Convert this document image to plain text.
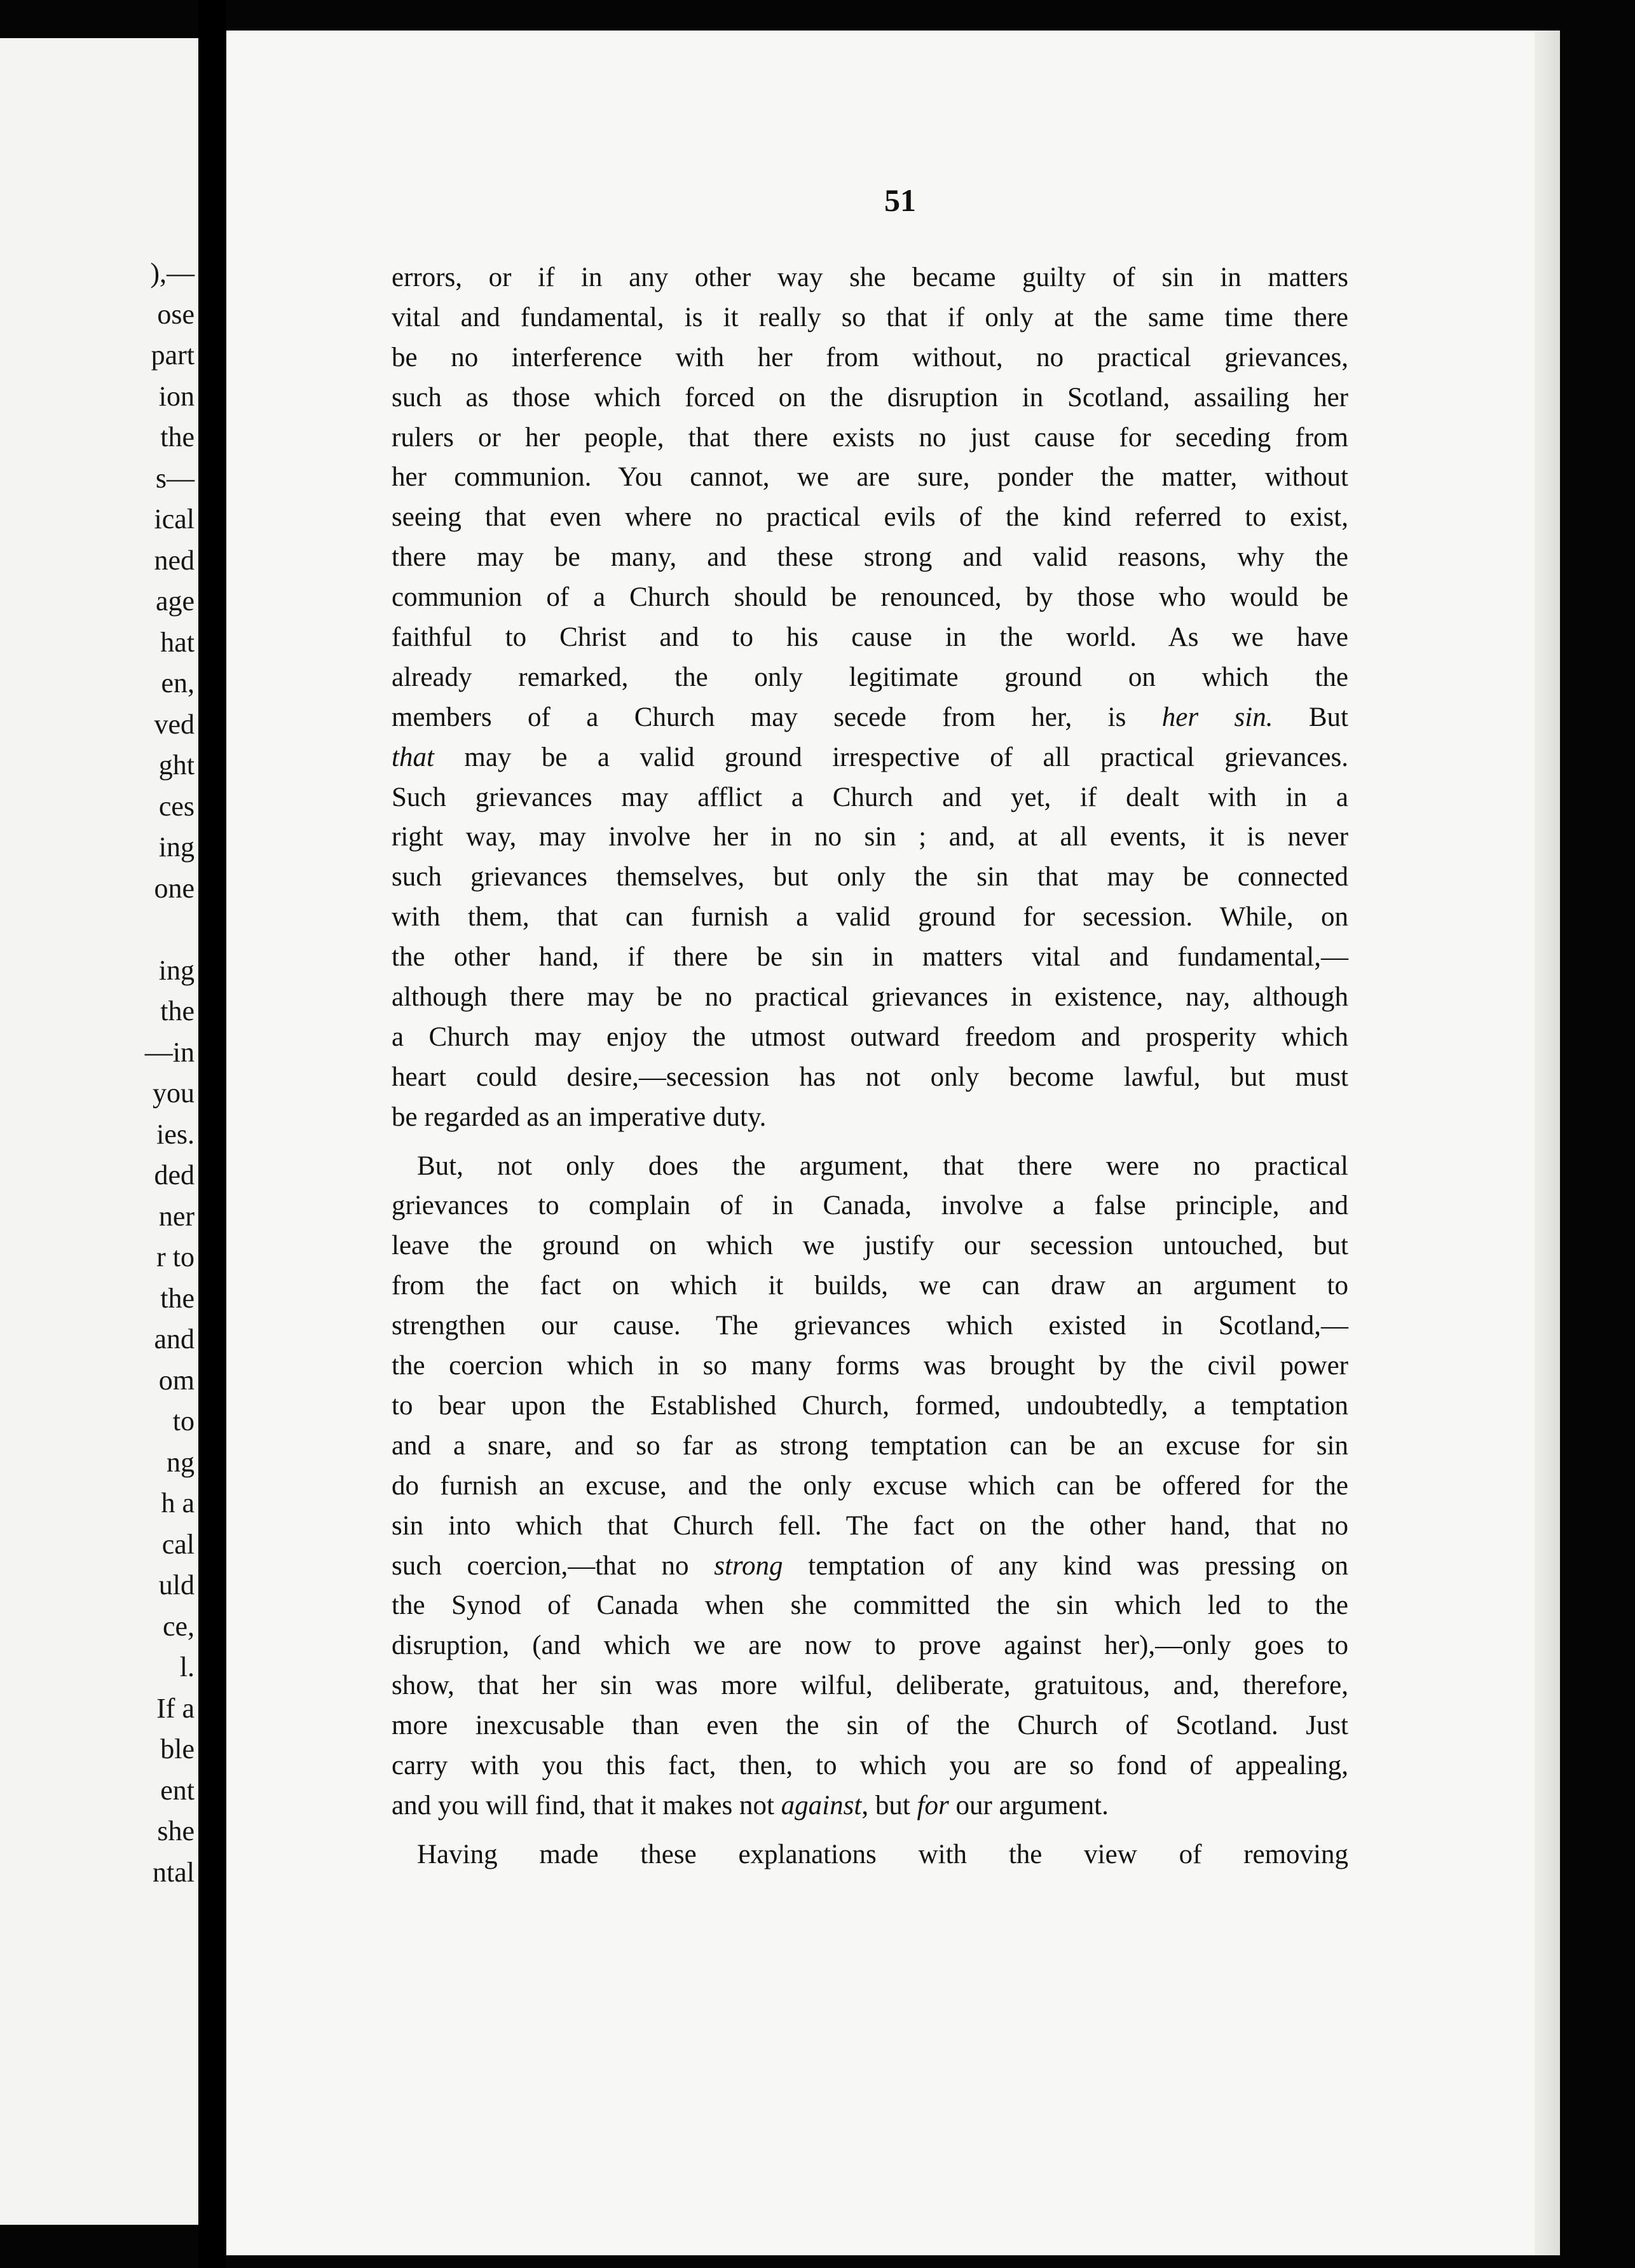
),—
ose
part
ion
the
s—
ical
ned
age
hat
en,
ved
ght
ces
ing
one
ing
the
—in
you
ies.
ded
ner
r to
the
and
om
to
ng
h a
cal
uld
ce,
l.
If a
ble
ent
she
ntal

51

errors, or if in any other way she became guilty of sin in matters
vital and fundamental, is it really so that if only at the same time there
be no interference with her from without, no practical grievances,
such as those which forced on the disruption in Scotland, assailing her
rulers or her people, that there exists no just cause for seceding from
her communion. You cannot, we are sure, ponder the matter, without
seeing that even where no practical evils of the kind referred to exist,
there may be many, and these strong and valid reasons, why the
communion of a Church should be renounced, by those who would be
faithful to Christ and to his cause in the world. As we have
already remarked, the only legitimate ground on which the
members of a Church may secede from her, is her sin. But
that may be a valid ground irrespective of all practical grievances.
Such grievances may afflict a Church and yet, if dealt with in a
right way, may involve her in no sin ; and, at all events, it is never
such grievances themselves, but only the sin that may be connected
with them, that can furnish a valid ground for secession. While, on
the other hand, if there be sin in matters vital and fundamental,—
although there may be no practical grievances in existence, nay, although
a Church may enjoy the utmost outward freedom and prosperity which
heart could desire,—secession has not only become lawful, but must
be regarded as an imperative duty.
But, not only does the argument, that there were no practical
grievances to complain of in Canada, involve a false principle, and
leave the ground on which we justify our secession untouched, but
from the fact on which it builds, we can draw an argument to
strengthen our cause. The grievances which existed in Scotland,—
the coercion which in so many forms was brought by the civil power
to bear upon the Established Church, formed, undoubtedly, a temptation
and a snare, and so far as strong temptation can be an excuse for sin
do furnish an excuse, and the only excuse which can be offered for the
sin into which that Church fell. The fact on the other hand, that no
such coercion,—that no strong temptation of any kind was pressing on
the Synod of Canada when she committed the sin which led to the
disruption, (and which we are now to prove against her),—only goes to
show, that her sin was more wilful, deliberate, gratuitous, and, therefore,
more inexcusable than even the sin of the Church of Scotland. Just
carry with you this fact, then, to which you are so fond of appealing,
and you will find, that it makes not against, but for our argument.
Having made these explanations with the view of removing
